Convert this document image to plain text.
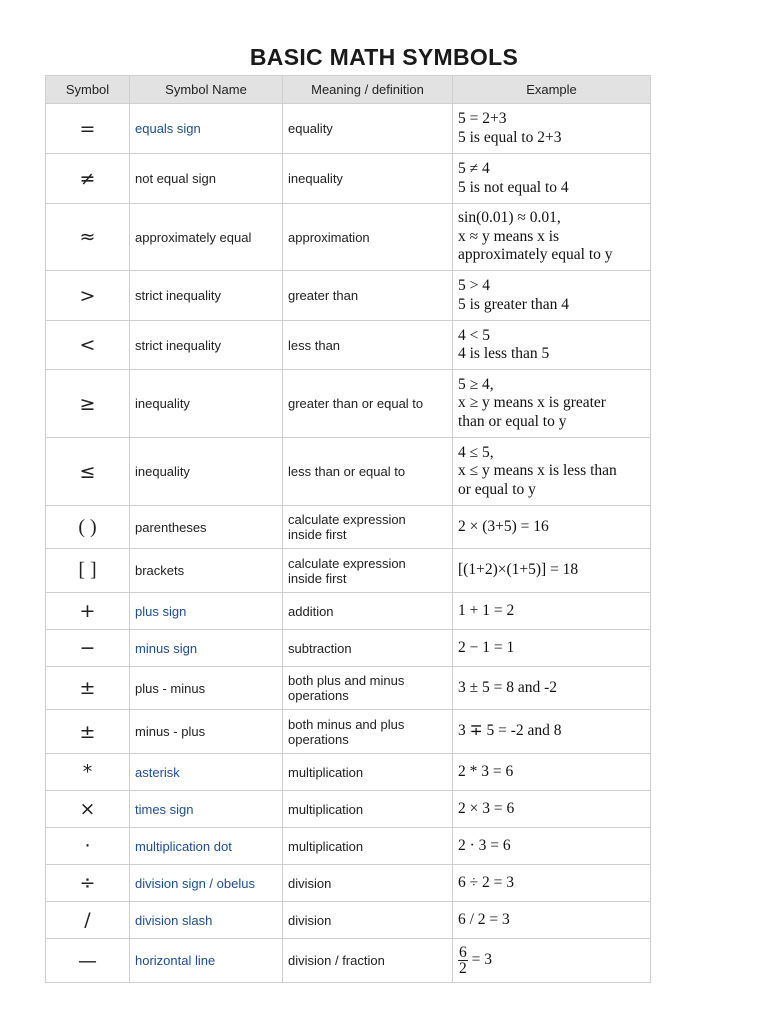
BASIC MATH SYMBOLS
Symbol	Symbol Name	Meaning / definition	Example
=	equals sign	equality	5 = 2+3
5 is equal to 2+3

≠	not equal sign	inequality	5 ≠ 4
5 is not equal to 4

≈	approximately equal	approximation	sin(0.01) ≈ 0.01,
x ≈ y means x is
approximately equal to y

>	strict inequality	greater than	5 > 4
5 is greater than 4

<	strict inequality	less than	4 < 5
4 is less than 5

≥	inequality	greater than or equal to	5 ≥ 4,
x ≥ y means x is greater
than or equal to y

≤	inequality	less than or equal to	4 ≤ 5,
x ≤ y means x is less than
or equal to y

( )	parentheses	calculate expression
inside first	2 × (3+5) = 16

[ ]	brackets	calculate expression
inside first	[(1+2)×(1+5)] = 18

+	plus sign	addition	1 + 1 = 2

−	minus sign	subtraction	2 − 1 = 1

±	plus - minus	both plus and minus
operations	3 ± 5 = 8 and -2

±	minus - plus	both minus and plus
operations	3 ∓ 5 = -2 and 8

*	asterisk	multiplication	2 * 3 = 6

×	times sign	multiplication	2 × 3 = 6

·	multiplication dot	multiplication	2 · 3 = 6

÷	division sign / obelus	division	6 ÷ 2 = 3

/	division slash	division	6 / 2 = 3

—	horizontal line	division / fraction	$\frac{6}{2} = 3$
